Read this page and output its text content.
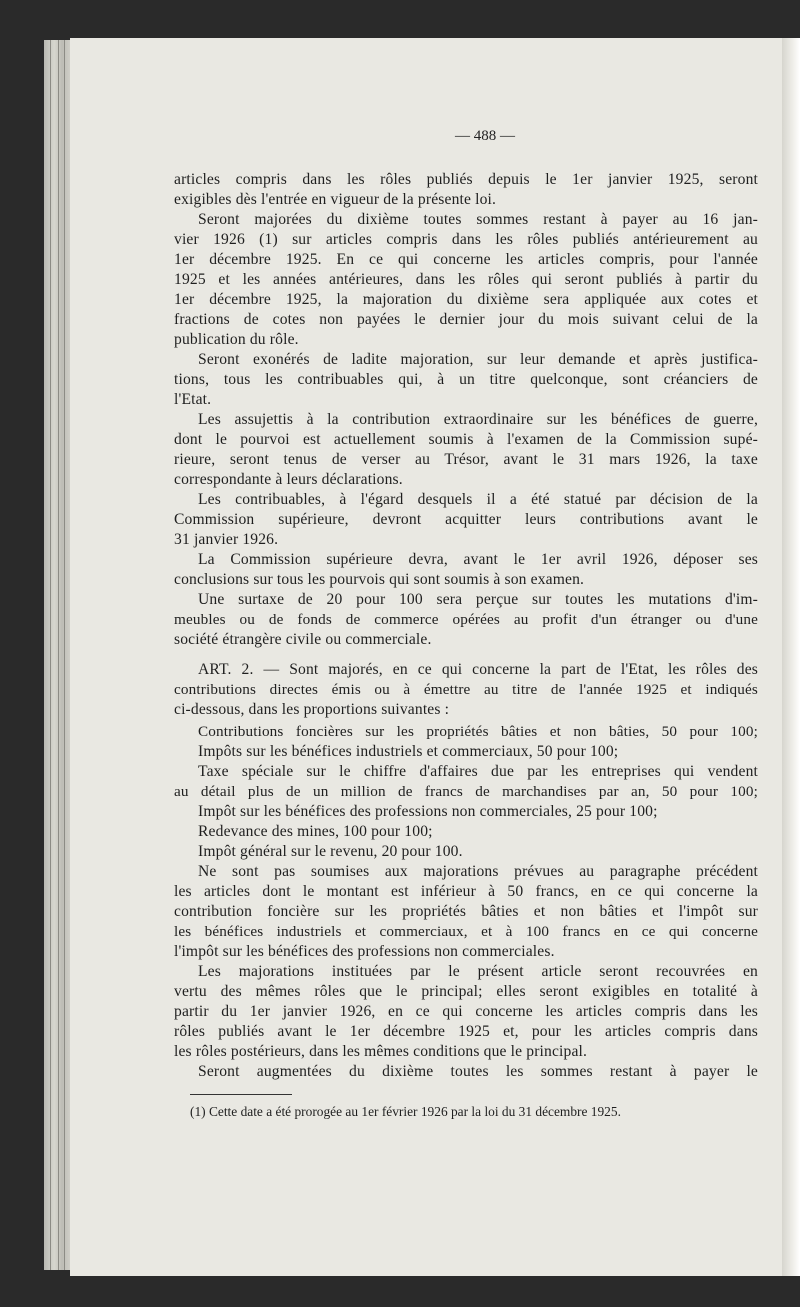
— 488 —
articles compris dans les rôles publiés depuis le 1er janvier 1925, seront
exigibles dès l'entrée en vigueur de la présente loi.
Seront majorées du dixième toutes sommes restant à payer au 16 jan-
vier 1926 (1) sur articles compris dans les rôles publiés antérieurement au
1er décembre 1925. En ce qui concerne les articles compris, pour l'année
1925 et les années antérieures, dans les rôles qui seront publiés à partir du
1er décembre 1925, la majoration du dixième sera appliquée aux cotes et
fractions de cotes non payées le dernier jour du mois suivant celui de la
publication du rôle.
Seront exonérés de ladite majoration, sur leur demande et après justifica-
tions, tous les contribuables qui, à un titre quelconque, sont créanciers de
l'Etat.
Les assujettis à la contribution extraordinaire sur les bénéfices de guerre,
dont le pourvoi est actuellement soumis à l'examen de la Commission supé-
rieure, seront tenus de verser au Trésor, avant le 31 mars 1926, la taxe
correspondante à leurs déclarations.
Les contribuables, à l'égard desquels il a été statué par décision de la
Commission supérieure, devront acquitter leurs contributions avant le
31 janvier 1926.
La Commission supérieure devra, avant le 1er avril 1926, déposer ses
conclusions sur tous les pourvois qui sont soumis à son examen.
Une surtaxe de 20 pour 100 sera perçue sur toutes les mutations d'im-
meubles ou de fonds de commerce opérées au profit d'un étranger ou d'une
société étrangère civile ou commerciale.
ART. 2. — Sont majorés, en ce qui concerne la part de l'Etat, les rôles des
contributions directes émis ou à émettre au titre de l'année 1925 et indiqués
ci-dessous, dans les proportions suivantes :
Contributions foncières sur les propriétés bâties et non bâties, 50 pour 100;
Impôts sur les bénéfices industriels et commerciaux, 50 pour 100;
Taxe spéciale sur le chiffre d'affaires due par les entreprises qui vendent
au détail plus de un million de francs de marchandises par an, 50 pour 100;
Impôt sur les bénéfices des professions non commerciales, 25 pour 100;
Redevance des mines, 100 pour 100;
Impôt général sur le revenu, 20 pour 100.
Ne sont pas soumises aux majorations prévues au paragraphe précédent
les articles dont le montant est inférieur à 50 francs, en ce qui concerne la
contribution foncière sur les propriétés bâties et non bâties et l'impôt sur
les bénéfices industriels et commerciaux, et à 100 francs en ce qui concerne
l'impôt sur les bénéfices des professions non commerciales.
Les majorations instituées par le présent article seront recouvrées en
vertu des mêmes rôles que le principal; elles seront exigibles en totalité à
partir du 1er janvier 1926, en ce qui concerne les articles compris dans les
rôles publiés avant le 1er décembre 1925 et, pour les articles compris dans
les rôles postérieurs, dans les mêmes conditions que le principal.
Seront augmentées du dixième toutes les sommes restant à payer le
(1) Cette date a été prorogée au 1er février 1926 par la loi du 31 décembre 1925.
